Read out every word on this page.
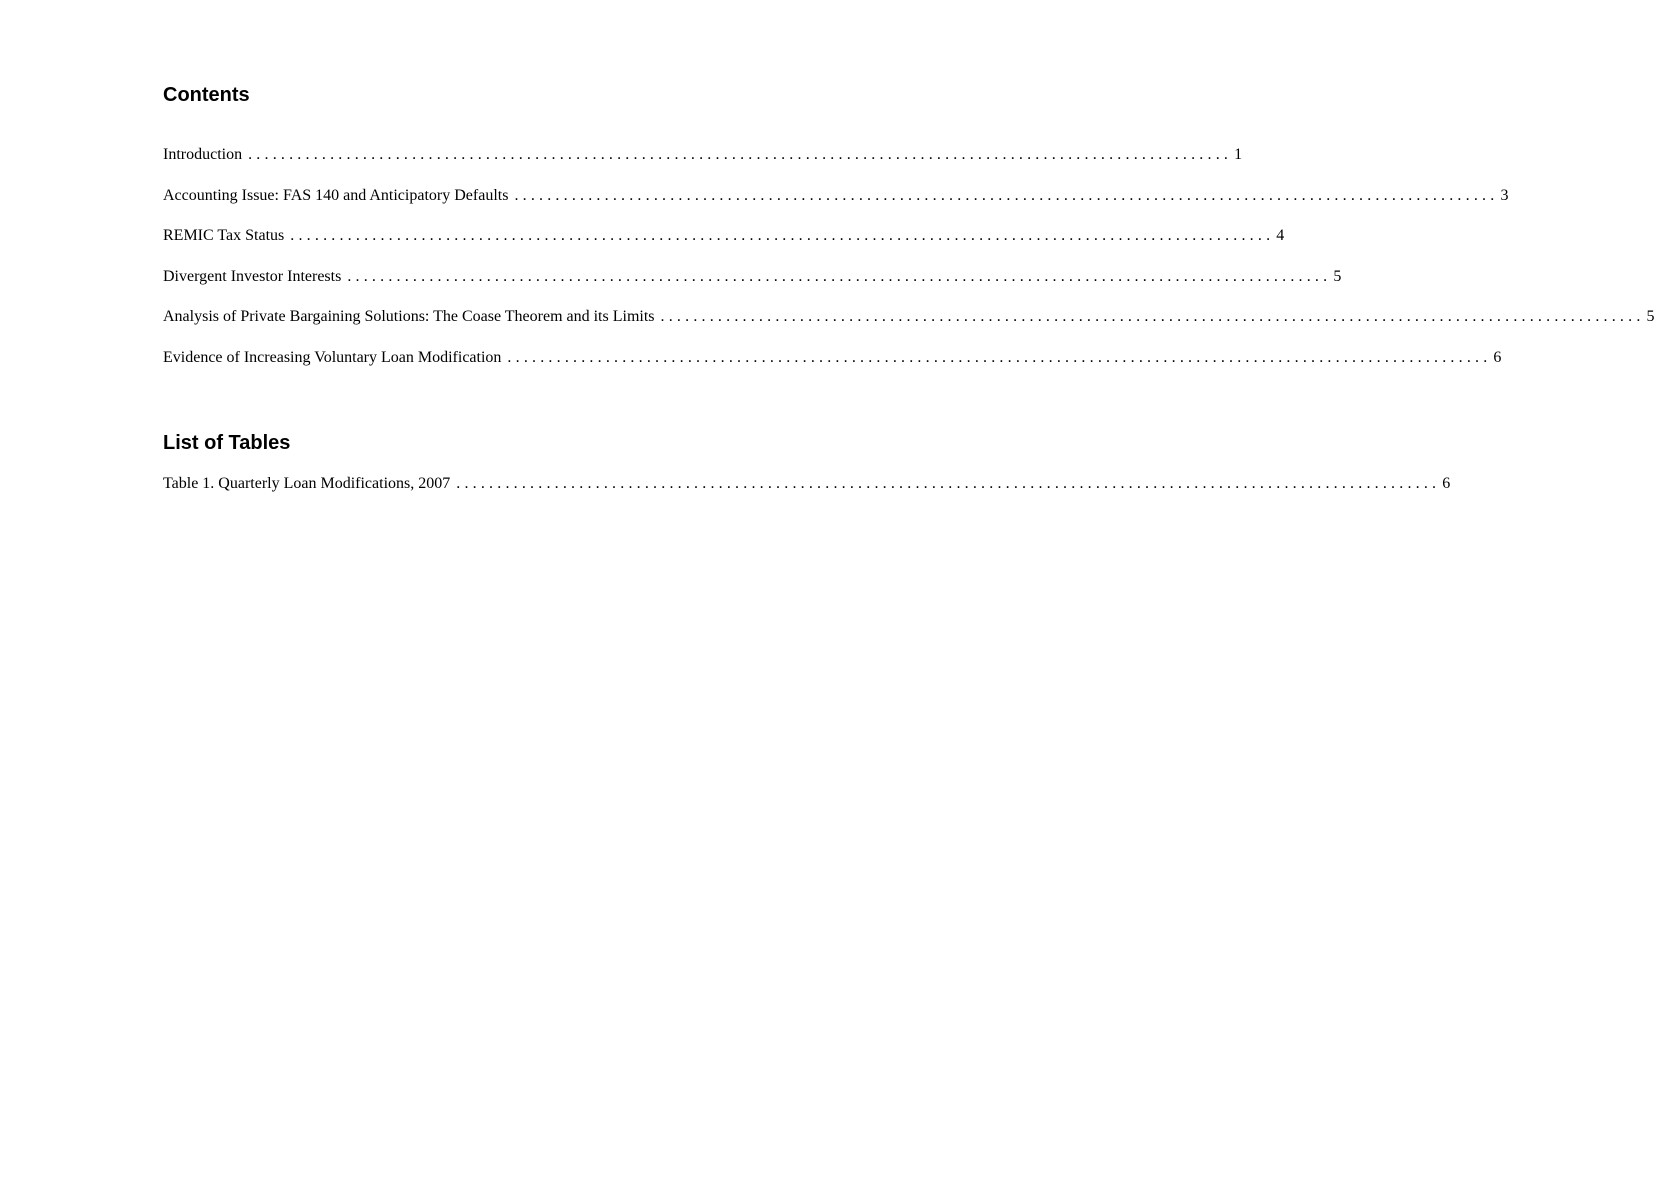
Contents
Introduction ........................................................................................................................ 1
Accounting Issue: FAS 140 and Anticipatory Defaults ........................................................................................................................ 3
REMIC Tax Status ........................................................................................................................ 4
Divergent Investor Interests ........................................................................................................................ 5
Analysis of Private Bargaining Solutions: The Coase Theorem and its Limits ........................................................................................................................ 5
Evidence of Increasing Voluntary Loan Modification ........................................................................................................................ 6
List of Tables
Table 1. Quarterly Loan Modifications, 2007 ........................................................................................................................ 6
